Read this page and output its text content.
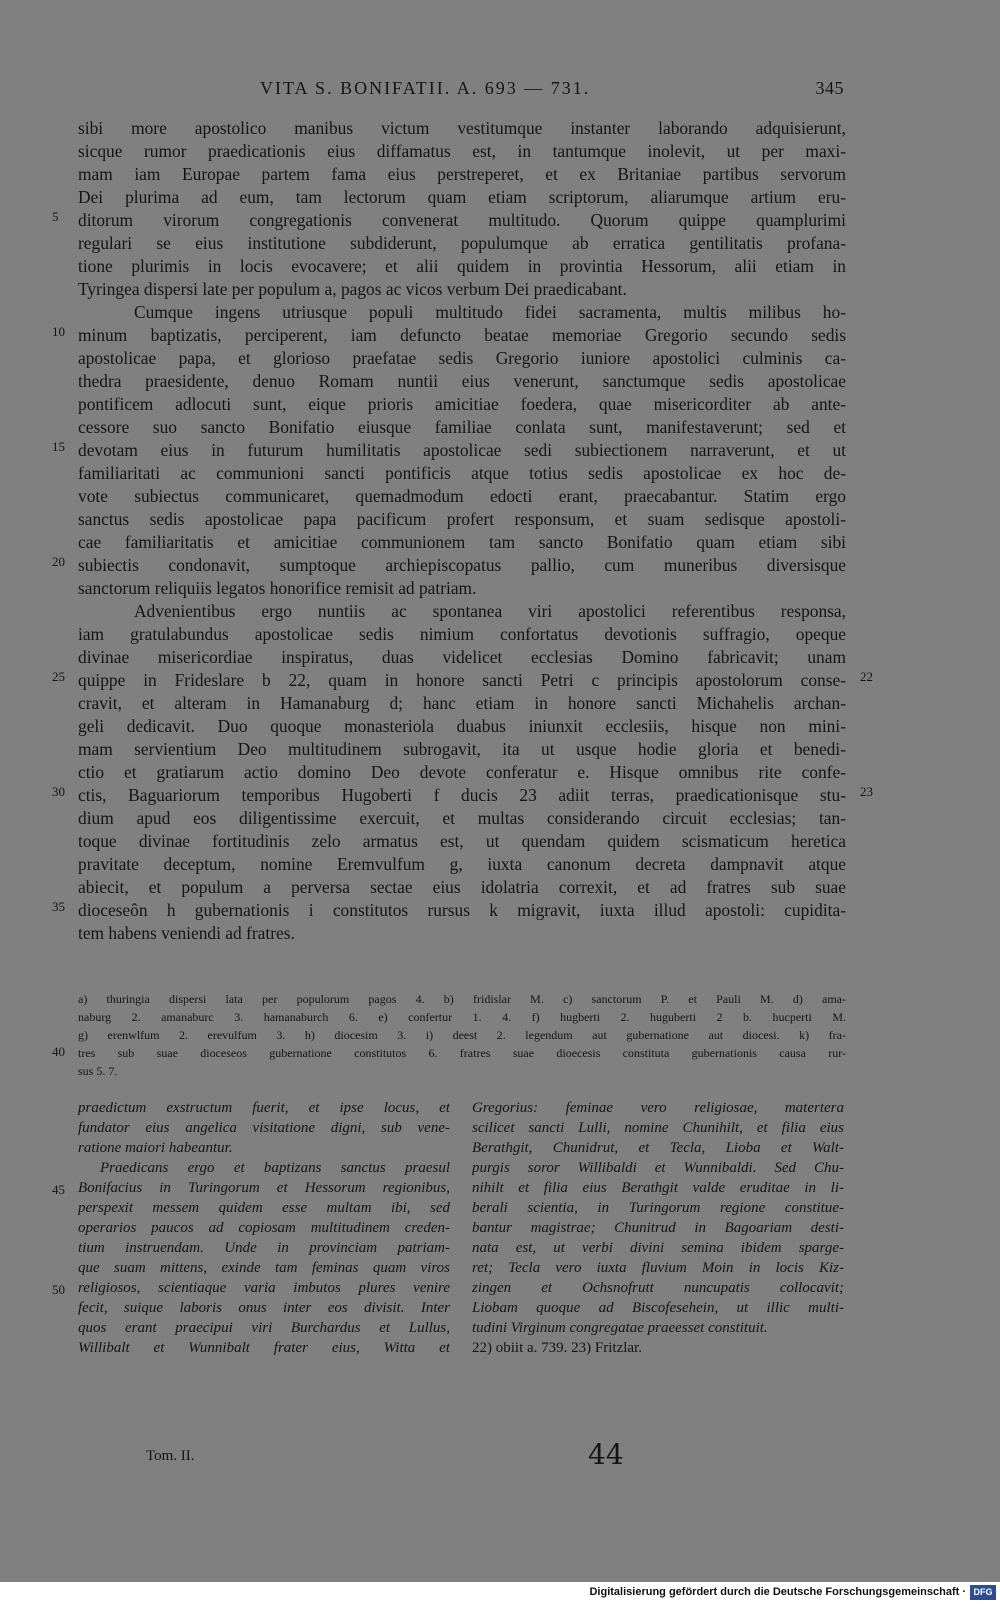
VITA S. BONIFATII. A. 693 — 731.	345
sibi more apostolico manibus victum vestitumque instanter laborando adquisierunt,
sicque rumor praedicationis eius diffamatus est, in tantumque inolevit, ut per maxi-
mam iam Europae partem fama eius perstreperet, et ex Britaniae partibus servorum
Dei plurima ad eum, tam lectorum quam etiam scriptorum, aliarumque artium eru-
ditorum virorum congregationis convenerat multitudo. Quorum quippe quamplurimi
regulari se eius institutione subdiderunt, populumque ab erratica gentilitatis profana-
tione plurimis in locis evocavere; et alii quidem in provintia Hessorum, alii etiam in
Tyringea dispersi late per populum a, pagos ac vicos verbum Dei praedicabant.
Cumque ingens utriusque populi multitudo fidei sacramenta, multis milibus ho-
minum baptizatis, perciperent, iam defuncto beatae memoriae Gregorio secundo sedis
apostolicae papa, et glorioso praefatae sedis Gregorio iuniore apostolici culminis ca-
thedra praesidente, denuo Romam nuntii eius venerunt, sanctumque sedis apostolicae
pontificem adlocuti sunt, eique prioris amicitiae foedera, quae misericorditer ab ante-
cessore suo sancto Bonifatio eiusque familiae conlata sunt, manifestaverunt; sed et
devotam eius in futurum humilitatis apostolicae sedi subiectionem narraverunt, et ut
familiaritati ac communioni sancti pontificis atque totius sedis apostolicae ex hoc de-
vote subiectus communicaret, quemadmodum edocti erant, praecabantur. Statim ergo
sanctus sedis apostolicae papa pacificum profert responsum, et suam sedisque apostoli-
cae familiaritatis et amicitiae communionem tam sancto Bonifatio quam etiam sibi
subiectis condonavit, sumptoque archiepiscopatus pallio, cum muneribus diversisque
sanctorum reliquiis legatos honorifice remisit ad patriam.
Advenientibus ergo nuntiis ac spontanea viri apostolici referentibus responsa,
iam gratulabundus apostolicae sedis nimium confortatus devotionis suffragio, opeque
divinae misericordiae inspiratus, duas videlicet ecclesias Domino fabricavit; unam
quippe in Frideslare b 22, quam in honore sancti Petri c principis apostolorum conse-
cravit, et alteram in Hamanaburg d; hanc etiam in honore sancti Michahelis archan-
geli dedicavit. Duo quoque monasteriola duabus iniunxit ecclesiis, hisque non mini-
mam servientium Deo multitudinem subrogavit, ita ut usque hodie gloria et benedi-
ctio et gratiarum actio domino Deo devote conferatur e. Hisque omnibus rite confe-
ctis, Baguariorum temporibus Hugoberti f ducis 23 adiit terras, praedicationisque stu-
dium apud eos diligentissime exercuit, et multas considerando circuit ecclesias; tan-
toque divinae fortitudinis zelo armatus est, ut quendam quidem scismaticum heretica
pravitate deceptum, nomine Eremvulfum g, iuxta canonum decreta dampnavit atque
abiecit, et populum a perversa sectae eius idolatria correxit, et ad fratres sub suae
dioceseôn h gubernationis i constitutos rursus k migravit, iuxta illud apostoli: cupidita-
tem habens veniendi ad fratres.
a) thuringia dispersi lata per populorum pagos 4. b) fridislar M. c) sanctorum P. et Pauli M. d) ama-
naburg 2. amanaburc 3. hamanaburch 6. e) confertur 1. 4. f) hugberti 2. huguberti 2 b. hucperti M.
g) erenwlfum 2. erevulfum 3. h) diocesim 3. i) deest 2. legendum aut gubernatione aut diocesi. k) fra-
tres sub suae dioceseos gubernatione constitutos 6. fratres suae dioecesis constituta gubernationis causa rur-
sus 5. 7.
praedictum exstructum fuerit, et ipse locus, et
fundator eius angelica visitatione digni, sub vene-
ratione maiori habeantur.
Praedicans ergo et baptizans sanctus praesul
Bonifacius in Turingorum et Hessorum regionibus,
perspexit messem quidem esse multam ibi, sed
operarios paucos ad copiosam multitudinem creden-
tium instruendam. Unde in provinciam patriam-
que suam mittens, exinde tam feminas quam viros
religiosos, scientiaque varia imbutos plures venire
fecit, suique laboris onus inter eos divisit. Inter
quos erant praecipui viri Burchardus et Lullus,
Willibalt et Wunnibalt frater eius, Witta et
Gregorius: feminae vero religiosae, matertera
scilicet sancti Lulli, nomine Chunihilt, et filia eius
Berathgit, Chunidrut, et Tecla, Lioba et Walt-
purgis soror Willibaldi et Wunnibaldi. Sed Chu-
nihilt et filia eius Berathgit valde eruditae in li-
berali scientia, in Turingorum regione constitue-
bantur magistrae; Chunitrud in Bagoariam desti-
nata est, ut verbi divini semina ibidem sparge-
ret; Tecla vero iuxta fluvium Moin in locis Kiz-
zingen et Ochsnofrutt nuncupatis collocavit;
Liobam quoque ad Biscofesehein, ut illic multi-
tudini Virginum congregatae praeesset constituit.
22) obiit a. 739. 23) Fritzlar.
Tom. II.	44
Digitalisierung gefördert durch die Deutsche Forschungsgemeinschaft · DFG
5
10
15
20
25	22
30	23
35
40
45
50
